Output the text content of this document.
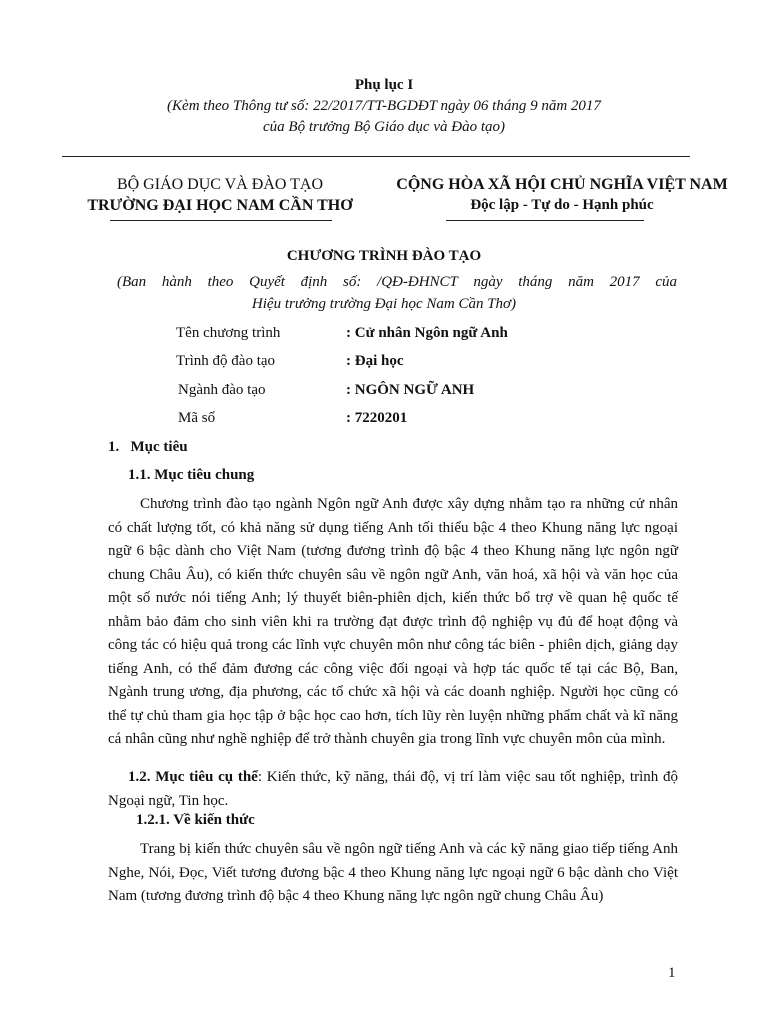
Phụ lục I
(Kèm theo Thông tư số: 22/2017/TT-BGDĐT ngày 06 tháng 9 năm 2017
của Bộ trưởng Bộ Giáo dục và Đào tạo)
BỘ GIÁO DỤC VÀ ĐÀO TẠO
TRƯỜNG ĐẠI HỌC NAM CẦN THƠ
CỘNG HÒA XÃ HỘI CHỦ NGHĨA VIỆT NAM
Độc lập - Tự do - Hạnh phúc
CHƯƠNG TRÌNH ĐÀO TẠO
(Ban hành theo Quyết định số: /QĐ-ĐHNCT ngày tháng năm 2017 của
Hiệu trưởng trường Đại học Nam Cần Thơ)
Tên chương trình	: Cử nhân Ngôn ngữ Anh
Trình độ đào tạo	: Đại học
Ngành đào tạo	: NGÔN NGỮ ANH
Mã số	: 7220201
1. Mục tiêu
1.1. Mục tiêu chung
Chương trình đào tạo ngành Ngôn ngữ Anh được xây dựng nhằm tạo ra những cử nhân có chất lượng tốt, có khả năng sử dụng tiếng Anh tối thiểu bậc 4 theo Khung năng lực ngoại ngữ 6 bậc dành cho Việt Nam (tương đương trình độ bậc 4 theo Khung năng lực ngôn ngữ chung Châu Âu), có kiến thức chuyên sâu về ngôn ngữ Anh, văn hoá, xã hội và văn học của một số nước nói tiếng Anh; lý thuyết biên-phiên dịch, kiến thức bổ trợ về quan hệ quốc tế nhằm bảo đảm cho sinh viên khi ra trường đạt được trình độ nghiệp vụ đủ để hoạt động và công tác có hiệu quả trong các lĩnh vực chuyên môn như công tác biên - phiên dịch, giảng dạy tiếng Anh, có thể đảm đương các công việc đối ngoại và hợp tác quốc tế tại các Bộ, Ban, Ngành trung ương, địa phương, các tổ chức xã hội và các doanh nghiệp. Người học cũng có thể tự chủ tham gia học tập ở bậc học cao hơn, tích lũy rèn luyện những phẩm chất và kĩ năng cá nhân cũng như nghề nghiệp để trở thành chuyên gia trong lĩnh vực chuyên môn của mình.
1.2. Mục tiêu cụ thể: Kiến thức, kỹ năng, thái độ, vị trí làm việc sau tốt nghiệp, trình độ Ngoại ngữ, Tin học.
1.2.1. Về kiến thức
Trang bị kiến thức chuyên sâu về ngôn ngữ tiếng Anh và các kỹ năng giao tiếp tiếng Anh Nghe, Nói, Đọc, Viết tương đương bậc 4 theo Khung năng lực ngoại ngữ 6 bậc dành cho Việt Nam (tương đương trình độ bậc 4 theo Khung năng lực ngôn ngữ chung Châu Âu)
1
